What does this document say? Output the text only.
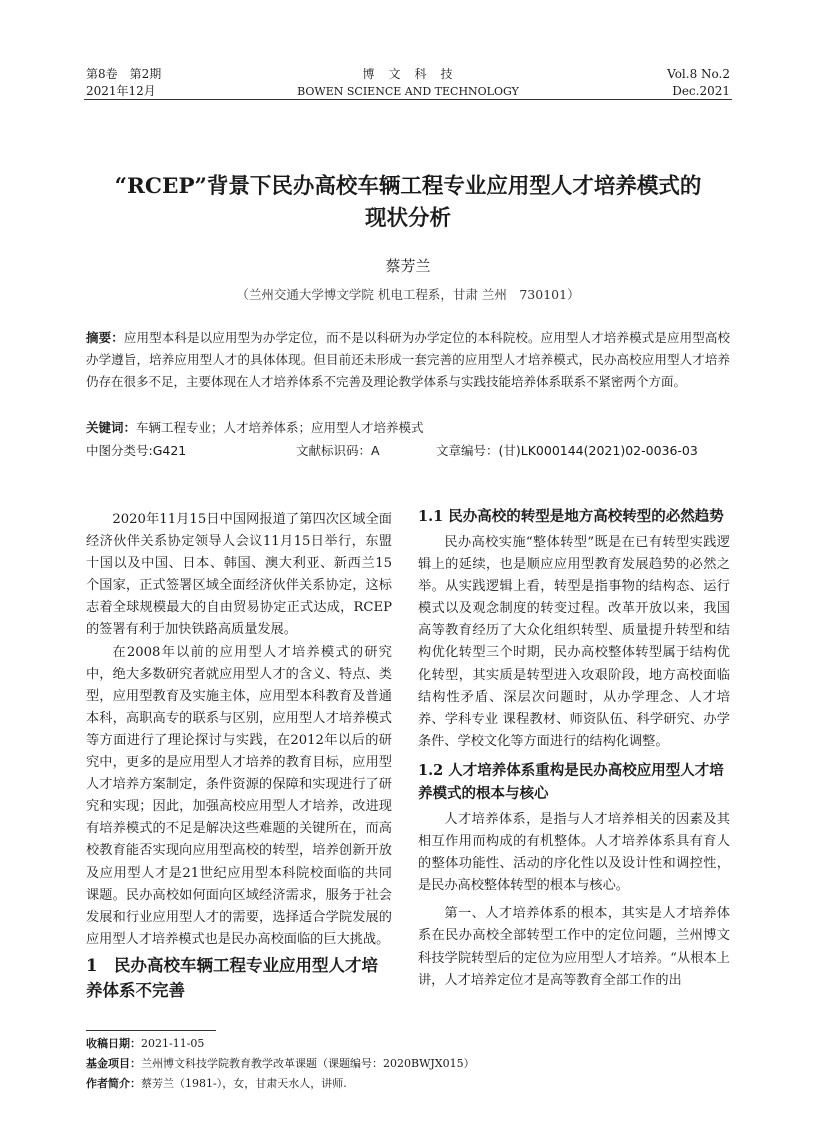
第8卷　第2期
2021年12月
博　文　科　技
BOWEN SCIENCE AND TECHNOLOGY
Vol.8 No.2
Dec.2021
“RCEP”背景下民办高校车辆工程专业应用型人才培养模式的
现状分析
蔡芳兰
（兰州交通大学博文学院 机电工程系，甘肃 兰州　730101）
摘要：应用型本科是以应用型为办学定位，而不是以科研为办学定位的本科院校。应用型人才培养模式是应用型高校办学遵旨，培养应用型人才的具体体现。但目前还未形成一套完善的应用型人才培养模式，民办高校应用型人才培养仍存在很多不足，主要体现在人才培养体系不完善及理论教学体系与实践技能培养体系联系不紧密两个方面。
关键词：车辆工程专业；人才培养体系；应用型人才培养模式
中图分类号:G421	文献标识码：A	文章编号：(甘)LK000144(2021)02-0036-03

2020年11月15日中国网报道了第四次区域全面经济伙伴关系协定领导人会议11月15日举行，东盟十国以及中国、日本、韩国、澳大利亚、新西兰15个国家，正式签署区域全面经济伙伴关系协定，这标志着全球规模最大的自由贸易协定正式达成，RCEP的签署有利于加快铁路高质量发展。

在2008年以前的应用型人才培养模式的研究中，绝大多数研究者就应用型人才的含义、特点、类型，应用型教育及实施主体，应用型本科教育及普通本科，高职高专的联系与区别，应用型人才培养模式等方面进行了理论探讨与实践，在2012年以后的研究中，更多的是应用型人才培养的教育目标，应用型人才培养方案制定，条件资源的保障和实现进行了研究和实现；因此，加强高校应用型人才培养，改进现有培养模式的不足是解决这些难题的关键所在，而高校教育能否实现向应用型高校的转型，培养创新开放及应用型人才是21世纪应用型本科院校面临的共同课题。民办高校如何面向区域经济需求，服务于社会发展和行业应用型人才的需要，选择适合学院发展的应用型人才培养模式也是民办高校面临的巨大挑战。

1　民办高校车辆工程专业应用型人才培养体系不完善
1.1 民办高校的转型是地方高校转型的必然趋势

民办高校实施“整体转型”既是在已有转型实践逻辑上的延续，也是顺应应用型教育发展趋势的必然之举。从实践逻辑上看，转型是指事物的结构态、运行模式以及观念制度的转变过程。改革开放以来，我国高等教育经历了大众化组织转型、质量提升转型和结构优化转型三个时期，民办高校整体转型属于结构优化转型，其实质是转型进入攻艰阶段，地方高校面临结构性矛盾、深层次问题时，从办学理念、人才培养、学科专业 课程教材、师资队伍、科学研究、办学条件、学校文化等方面进行的结构化调整。

1.2 人才培养体系重构是民办高校应用型人才培养模式的根本与核心

人才培养体系，是指与人才培养相关的因素及其相互作用而构成的有机整体。人才培养体系具有育人的整体功能性、活动的序化性以及设计性和调控性，是民办高校整体转型的根本与核心。

第一、人才培养体系的根本，其实是人才培养体系在民办高校全部转型工作中的定位问题，兰州博文科技学院转型后的定位为应用型人才培养。“从根本上讲，人才培养定位才是高等教育全部工作的出

收稿日期：2021-11-05
基金项目：兰州博文科技学院教育教学改革课题（课题编号：2020BWJX015）
作者简介：蔡芳兰（1981-），女，甘肃天水人，讲师.
